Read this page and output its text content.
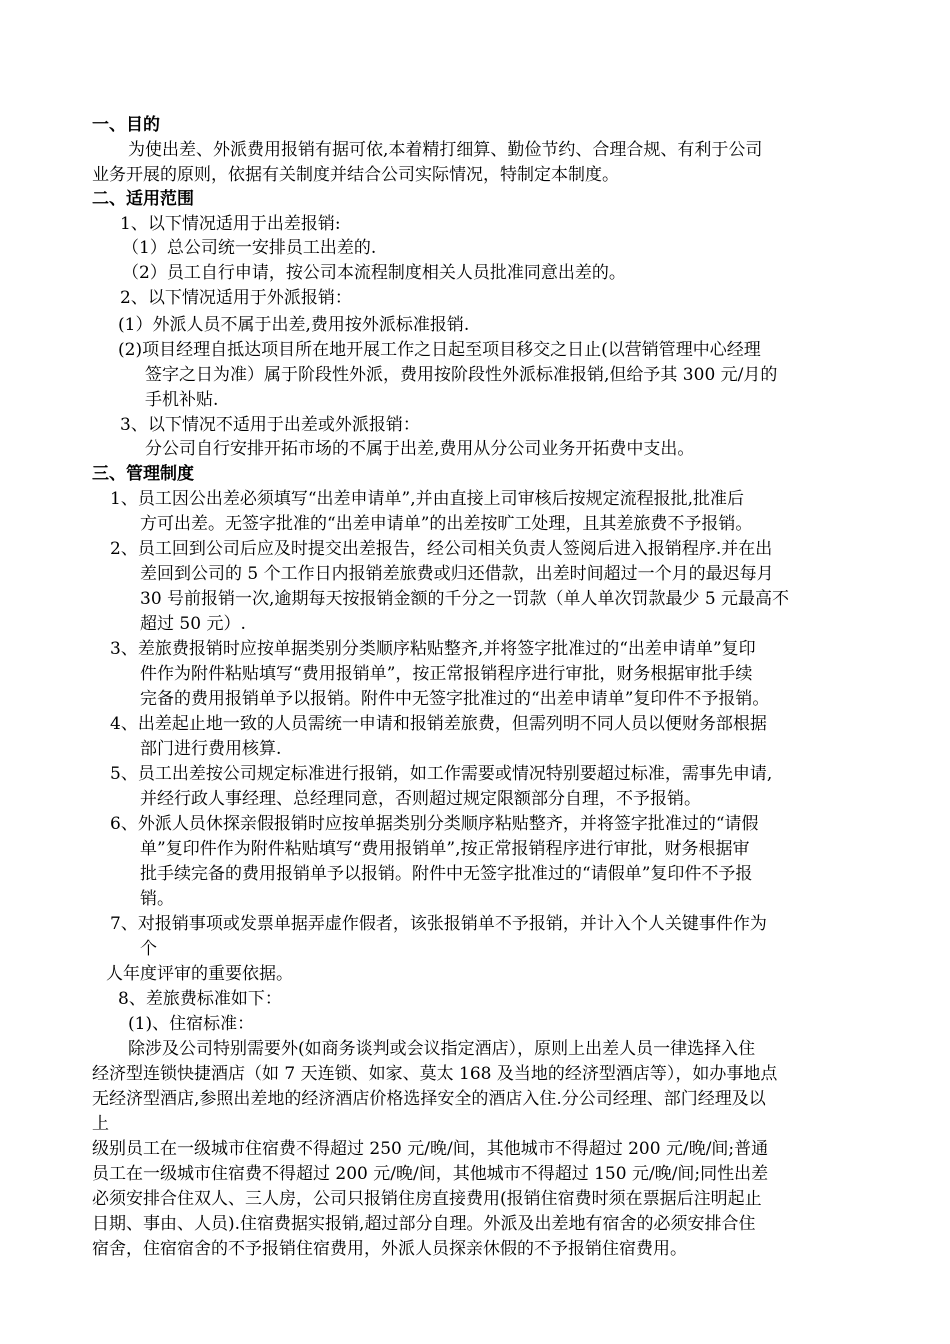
一、目的
为使出差、外派费用报销有据可依,本着精打细算、勤俭节约、合理合规、有利于公司
业务开展的原则，依据有关制度并结合公司实际情况，特制定本制度。
二、适用范围
1、以下情况适用于出差报销:
（1）总公司统一安排员工出差的.
（2）员工自行申请，按公司本流程制度相关人员批准同意出差的。
2、以下情况适用于外派报销：
(1）外派人员不属于出差,费用按外派标准报销.
(2)项目经理自抵达项目所在地开展工作之日起至项目移交之日止(以营销管理中心经理
签字之日为准）属于阶段性外派，费用按阶段性外派标准报销,但给予其 300 元/月的
手机补贴.
3、以下情况不适用于出差或外派报销：
分公司自行安排开拓市场的不属于出差,费用从分公司业务开拓费中支出。
三、管理制度
1、员工因公出差必须填写“出差申请单”,并由直接上司审核后按规定流程报批,批准后
方可出差。无签字批准的“出差申请单”的出差按旷工处理，且其差旅费不予报销。
2、员工回到公司后应及时提交出差报告，经公司相关负责人签阅后进入报销程序.并在出
差回到公司的 5 个工作日内报销差旅费或归还借款，出差时间超过一个月的最迟每月
30 号前报销一次,逾期每天按报销金额的千分之一罚款（单人单次罚款最少 5 元最高不
超过 50 元）.
3、差旅费报销时应按单据类别分类顺序粘贴整齐,并将签字批准过的“出差申请单”复印
件作为附件粘贴填写“费用报销单”，按正常报销程序进行审批，财务根据审批手续
完备的费用报销单予以报销。附件中无签字批准过的“出差申请单”复印件不予报销。
4、出差起止地一致的人员需统一申请和报销差旅费，但需列明不同人员以便财务部根据
部门进行费用核算.
5、员工出差按公司规定标准进行报销，如工作需要或情况特别要超过标准，需事先申请,
并经行政人事经理、总经理同意，否则超过规定限额部分自理，不予报销。
6、外派人员休探亲假报销时应按单据类别分类顺序粘贴整齐，并将签字批准过的“请假
单”复印件作为附件粘贴填写“费用报销单”,按正常报销程序进行审批，财务根据审
批手续完备的费用报销单予以报销。附件中无签字批准过的“请假单”复印件不予报
销。
7、对报销事项或发票单据弄虚作假者，该张报销单不予报销，并计入个人关键事件作为
个
人年度评审的重要依据。
8、差旅费标准如下：
(1)、住宿标准：
除涉及公司特别需要外(如商务谈判或会议指定酒店），原则上出差人员一律选择入住
经济型连锁快捷酒店（如 7 天连锁、如家、莫太 168 及当地的经济型酒店等），如办事地点
无经济型酒店,参照出差地的经济酒店价格选择安全的酒店入住.分公司经理、部门经理及以
上
级别员工在一级城市住宿费不得超过 250 元/晚/间，其他城市不得超过 200 元/晚/间;普通
员工在一级城市住宿费不得超过 200 元/晚/间，其他城市不得超过 150 元/晚/间;同性出差
必须安排合住双人、三人房，公司只报销住房直接费用(报销住宿费时须在票据后注明起止
日期、事由、人员).住宿费据实报销,超过部分自理。外派及出差地有宿舍的必须安排合住
宿舍，住宿宿舍的不予报销住宿费用，外派人员探亲休假的不予报销住宿费用。
